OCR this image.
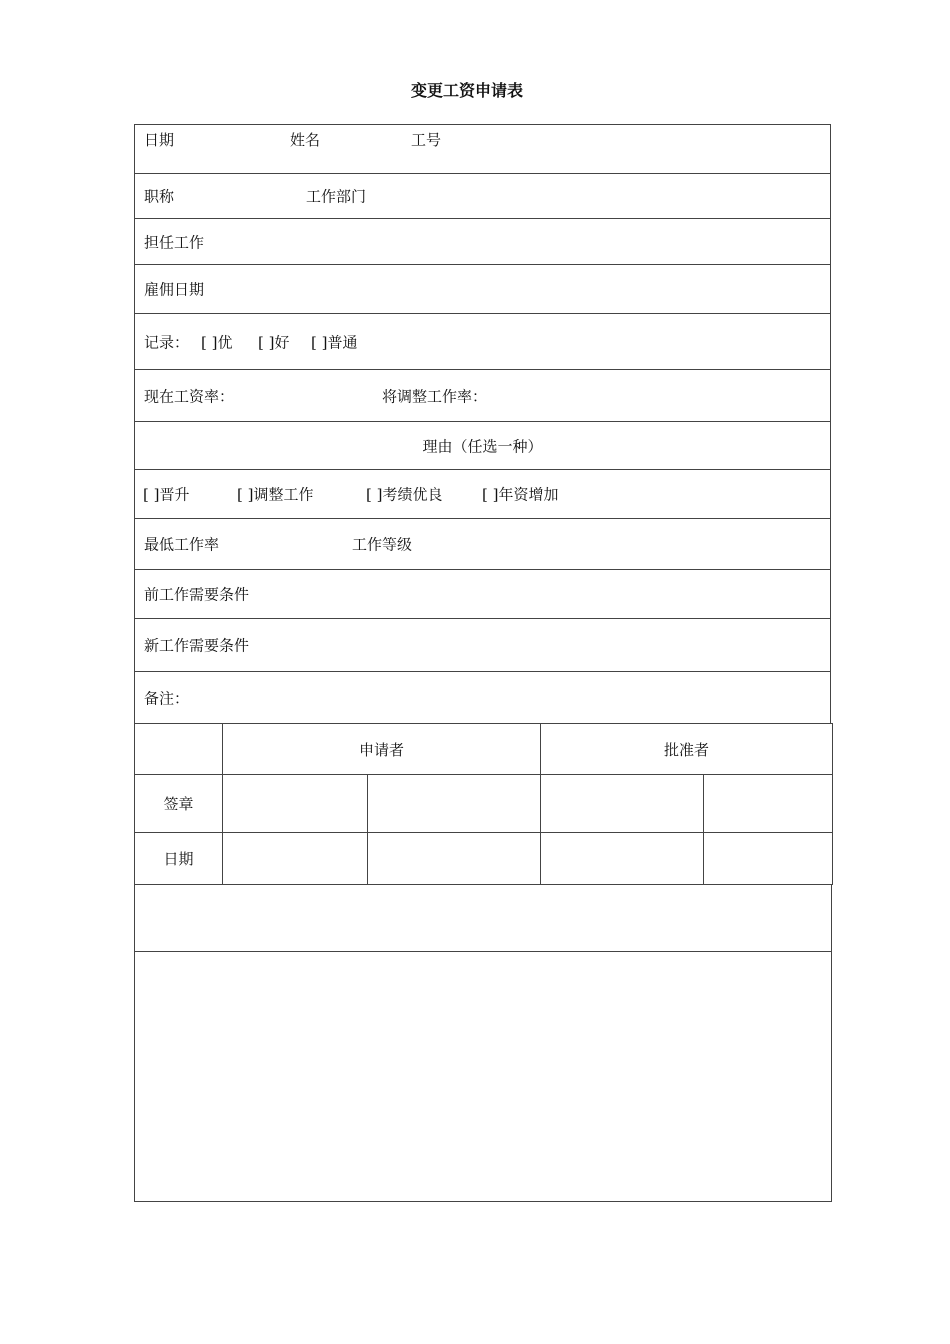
变更工资申请表
日期	姓名	工号
职称	工作部门
担任工作
雇佣日期
记录： [ ]优 [ ]好 [ ]普通
现在工资率：	将调整工作率：
理由（任选一种）
[ ]晋升	[ ]调整工作	[ ]考绩优良	[ ]年资增加
最低工作率	工作等级
前工作需要条件
新工作需要条件
备注：
	申请者		批准者	
签章				
日期				
